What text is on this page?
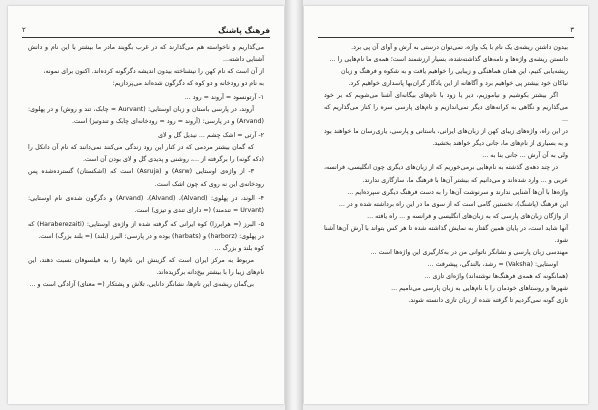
فرهنگ پاشنگ
۲

می‌گذاریم و ناخواسته هم می‌گذارند که در غرب بگویند مادر ما بیشتر با این نام و دانش آشنایی داشته...

از آن است که نام کهن را نیشناخته بیدون اندیشه دگرگونه کرده‌اند. اکنون برای نمونه،

به نام دو رودخانه و دو کوه که دگرگون شده‌اند می‌پردازیم:

۱- آرتونسود = آروند = رود ...

آروند، در پارسی باستان و زبان اوستایی: (Aurvant = چابک، تند و روش) و در پهلوی: (Arvand) و در پارسی: (آروند = رود = رودخانه‌ای چابک و تندوتیز) است.

۲- آرتی = اشک چشم ... نیدیل گل و لای

که گمان بیشتر مردمی که در کنار این رود زندگی می‌کنند نمی‌دانند که نام آن دانکل را (دکه گونه) را برگرفته از ...، روشنی و پدیدی گل و لای بودن آن است.

۳- از واژه‌ی اوستایی (Asrw) و (Asruja) است که (اشکستان) گسترده‌شده پس رودخانه‌ی این نه روی که چون اشک است.

۴- الوند، در پهلوی: (Alvand)، (Alvand)، (Arvand) و دگرگون شده‌ی نام اوستایی: (Urvant = تندمند) (= دارای تندی و تیزی) است.

۵- البرز (= هرابرزا) کوه ایرانی که گرفته شده از واژه‌ی اوستایی: (Haraberezaiti) که در پهلوی: (harborz) و (harbats) بوده و در پارسی: البرز (بلند) (= بلند بزرگ) است.

کوه بلند و بزرگ ...

مربوط به مرکز ایران است که گزینش این نام‌ها را به فیلسوفان نسبت دهند، این نام‌های زیبا را با بیشتر بیخ‌دانه برگزیده‌اند.

بی‌گمان ریشه‌ی این نام‌ها، نشانگر دانایی، تلاش و پشتکار (= معنای) آزادگی است و ...

۳

بیدون داشتن ریشه‌ی یک نام با یک واژه، نمی‌توان درستی به آرش و آوای آن پی برد.

دانستن ریشه‌ی واژه‌ها و نامه‌های گذاشته‌شده، بسیار ارزشمند است؛ همه‌ی ما نام‌هایی را ...

ریشه‌یابی کنیم، این همان هماهنگی و زیبایی را خواهیم یافت و به شکوه و فرهنگ و زبان

نیاکان خود بیشتر پی خواهیم برد و آگاهانه از این یادگار گران‌بها پاسداری خواهیم کرد.

اگر بیشتر بکوشیم و نیاموزیم، دیر یا زود با نام‌های بیگانه‌ای آشنا می‌شویم که بر خود می‌گذاریم و نگاهی به کرانه‌های دیگر نمی‌اندازیم و نام‌های پارسی سره را کنار می‌گذاریم که ...

در این راه، واژه‌های زیبای کهن از زبان‌های ایرانی، باستانی و پارسی، یاری‌رسان ما خواهند بود و به بسیاری از نام‌های ما، جانی دیگر خواهند بخشید.

ولی به آن آرش ... جانی بنا به ...

در چند دهه‌ی گذشته به نام‌هایی برمی‌خوریم که از زبان‌های دیگری چون انگلیسی، فرانسه، عربی و ... وارد شده‌اند و می‌دانیم که بیشتر آن‌ها با فرهنگ ما، سازگاری ندارند.

واژه‌ها با آن‌ها آشنایی ندارند و سرنوشت آن‌ها را به دست فرهنگ دیگری سپرده‌ایم ...

این فرهنگ (پاشنگ)، نخستین گامی است که از سوی ما در این راه برداشته شده و در ...

از واژگان زبان‌های پارسی که به زبان‌های انگلیسی و فرانسه و ... راه یافته ...

آنها شاید است، در پایان همین گفتار به نمایش گذاشته شده تا هر کس بتواند با آرش آن‌ها آشنا شود.

مهندسی زبان پارسی و نشانگر ناتوانی من در به‌کارگیری این واژه‌ها است ...

اوستایی: (Vaksha) = رشد، بالندگی، پیشرفت ...

(همانگونه که همه‌ی فرهنگ‌ها نوشته‌اند) واژه‌ای تازی ...

شهرها و روستاهای خودمان را با نام‌هایی به زبان پارسی می‌نامیم ...

تازی گونه نمی‌گردیم تا گرفته شده از زبان تازی دانسته شوند.
